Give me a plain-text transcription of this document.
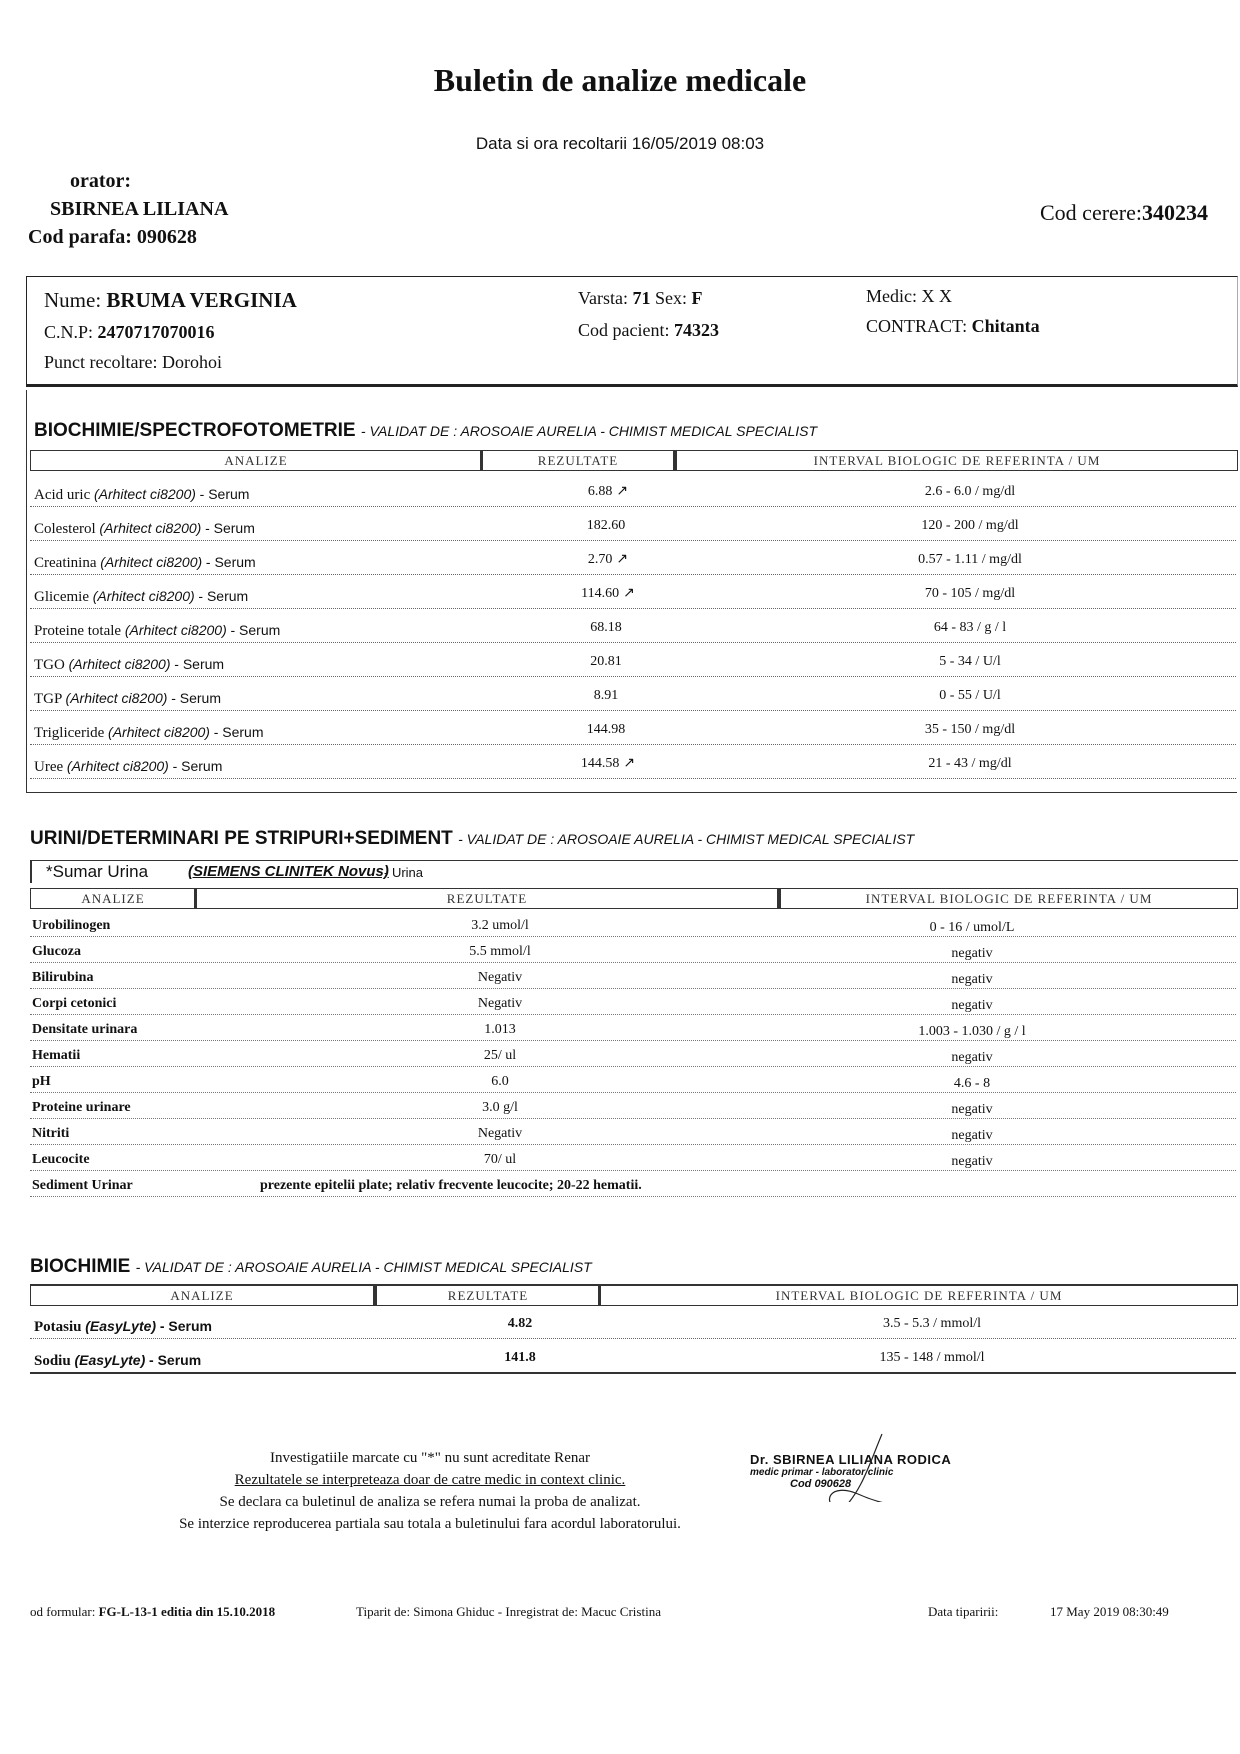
Buletin de analize medicale
Data si ora recoltarii 16/05/2019 08:03
orator:
SBIRNEA LILIANA
Cod parafa: 090628
Cod cerere:340234
Nume: BRUMA VERGINIA
C.N.P: 2470717070016
Punct recoltare: Dorohoi
Varsta: 71 Sex: F
Cod pacient: 74323
Medic: X X
CONTRACT: Chitanta
BIOCHIMIE/SPECTROFOTOMETRIE - VALIDAT DE : AROSOAIE AURELIA - CHIMIST MEDICAL SPECIALIST
ANALIZE	REZULTATE	INTERVAL BIOLOGIC DE REFERINTA / UM
Acid uric (Arhitect ci8200) - Serum	6.88 ↗	2.6 - 6.0 / mg/dl
Colesterol (Arhitect ci8200) - Serum	182.60	120 - 200 / mg/dl
Creatinina (Arhitect ci8200) - Serum	2.70 ↗	0.57 - 1.11 / mg/dl
Glicemie (Arhitect ci8200) - Serum	114.60 ↗	70 - 105 / mg/dl
Proteine totale (Arhitect ci8200) - Serum	68.18	64 - 83 / g / l
TGO (Arhitect ci8200) - Serum	20.81	5 - 34 / U/l
TGP (Arhitect ci8200) - Serum	8.91	0 - 55 / U/l
Trigliceride (Arhitect ci8200) - Serum	144.98	35 - 150 / mg/dl
Uree (Arhitect ci8200) - Serum	144.58 ↗	21 - 43 / mg/dl
URINI/DETERMINARI PE STRIPURI+SEDIMENT - VALIDAT DE : AROSOAIE AURELIA - CHIMIST MEDICAL SPECIALIST
*Sumar Urina	(SIEMENS CLINITEK Novus)
- Urina
ANALIZE	REZULTATE	INTERVAL BIOLOGIC DE REFERINTA / UM
Urobilinogen	3.2 umol/l	0 - 16 / umol/L
Glucoza	5.5 mmol/l	negativ
Bilirubina	Negativ	negativ
Corpi cetonici	Negativ	negativ
Densitate urinara	1.013	1.003 - 1.030 / g / l
Hematii	25/ ul	negativ
pH	6.0	4.6 - 8
Proteine urinare	3.0 g/l	negativ
Nitriti	Negativ	negativ
Leucocite	70/ ul	negativ
Sediment Urinar	prezente epitelii plate; relativ frecvente leucocite; 20-22 hematii.
BIOCHIMIE - VALIDAT DE : AROSOAIE AURELIA - CHIMIST MEDICAL SPECIALIST
ANALIZE	REZULTATE	INTERVAL BIOLOGIC DE REFERINTA / UM
Potasiu (EasyLyte) - Serum	4.82	3.5 - 5.3 / mmol/l
Sodiu (EasyLyte) - Serum	141.8	135 - 148 / mmol/l
Investigatiile marcate cu "*" nu sunt acreditate Renar
Rezultatele se interpreteaza doar de catre medic in context clinic.
Se declara ca buletinul de analiza se refera numai la proba de analizat.
Se interzice reproducerea partiala sau totala a buletinului fara acordul laboratorului.
Dr. SBIRNEA LILIANA RODICA
medic primar - laborator clinic
Cod 090628
od formular: FG-L-13-1 editia din 15.10.2018	Tiparit de: Simona Ghiduc - Inregistrat de: Macuc Cristina	Data tiparirii:	17 May 2019 08:30:49
